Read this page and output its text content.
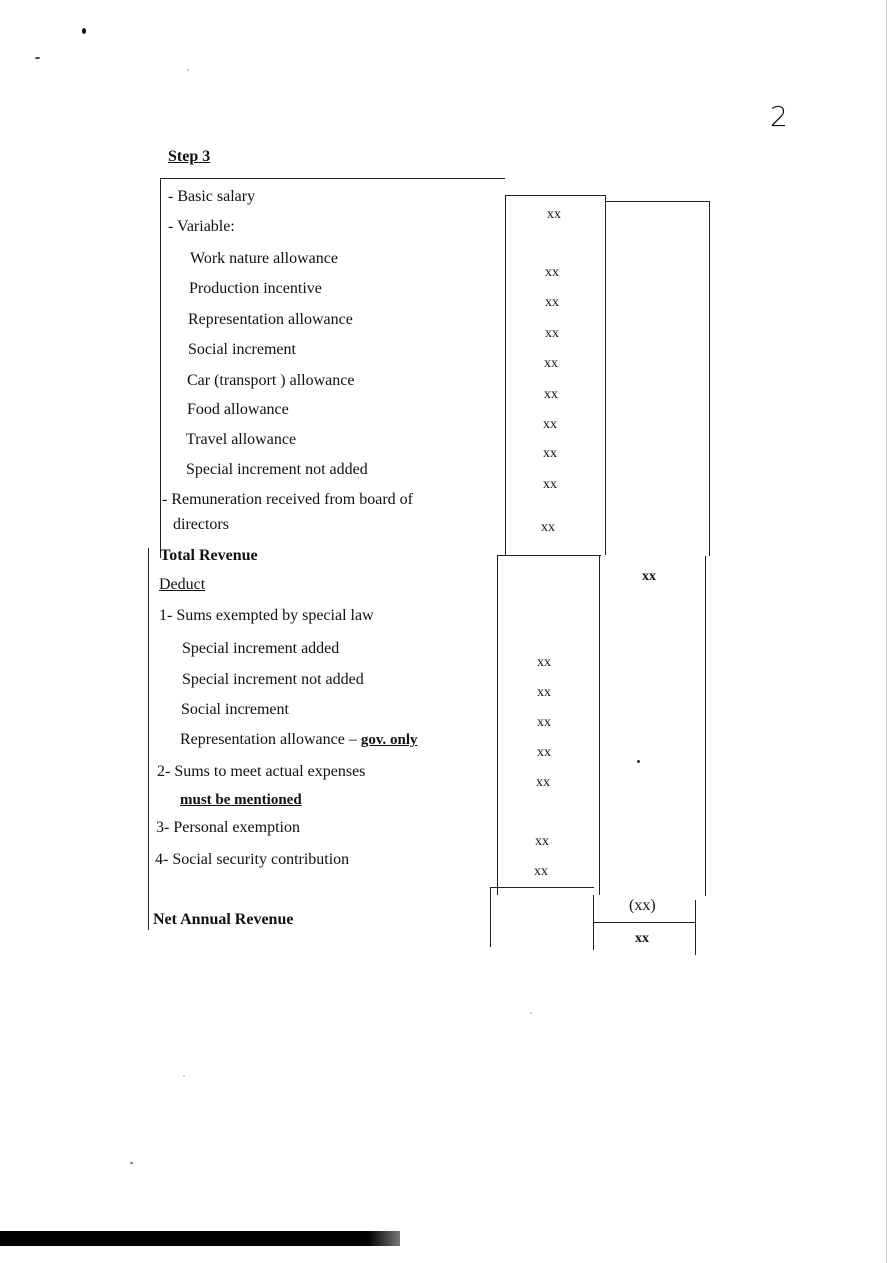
2
Step 3
- Basic salary
- Variable:
Work nature allowance
Production incentive
Representation allowance
Social increment
Car (transport ) allowance
Food allowance
Travel allowance
Special increment not added
- Remuneration received from board of
directors
xx
xx
xx
xx
xx
xx
xx
xx
xx
xx
Total Revenue
xx
Deduct
1- Sums exempted by special law
Special increment added
Special increment not added
Social increment
Representation allowance – gov. only
xx
xx
xx
xx
2- Sums to meet actual expenses
xx
must be mentioned
3- Personal exemption
xx
4- Social security contribution
xx
(xx)
Net Annual Revenue
xx
